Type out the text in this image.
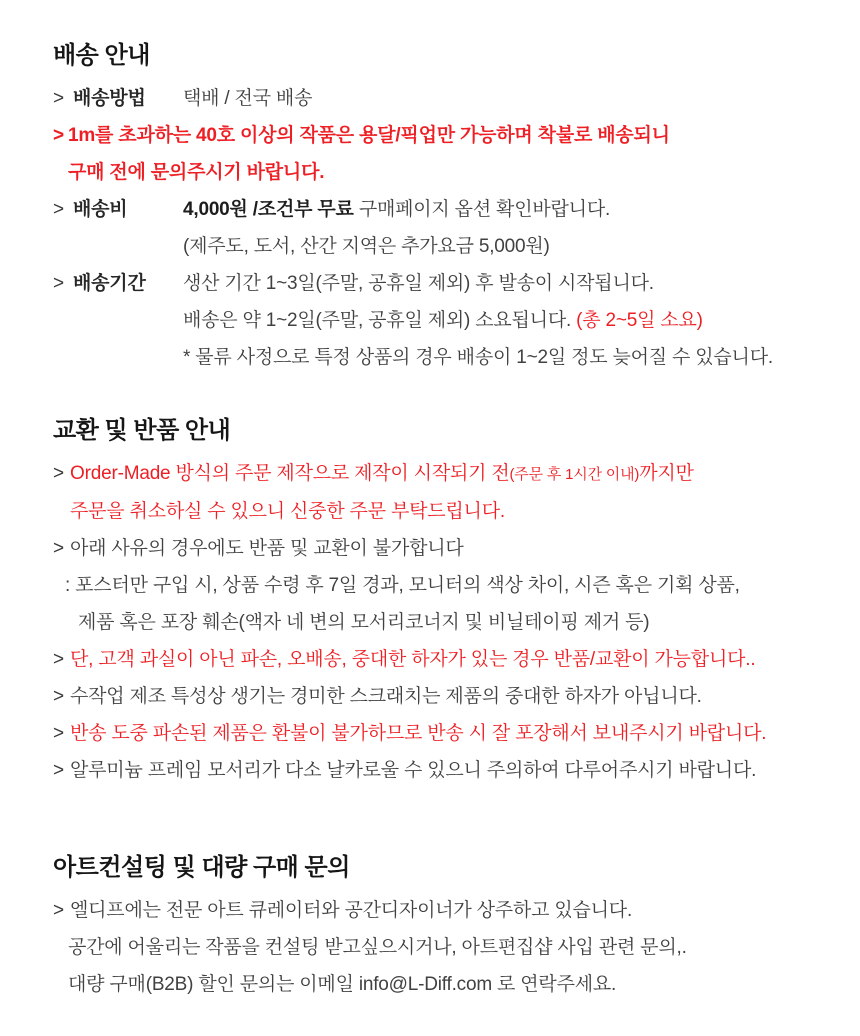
배송 안내
> 배송방법	택배 / 전국 배송
> 1m를 초과하는 40호 이상의 작품은 용달/픽업만 가능하며 착불로 배송되니
구매 전에 문의주시기 바랍니다.
> 배송비	4,000원 /조건부 무료 구매페이지 옵션 확인바랍니다.
(제주도, 도서, 산간 지역은 추가요금 5,000원)
> 배송기간	생산 기간 1~3일(주말, 공휴일 제외) 후 발송이 시작됩니다.
배송은 약 1~2일(주말, 공휴일 제외) 소요됩니다. (총 2~5일 소요)
* 물류 사정으로 특정 상품의 경우 배송이 1~2일 정도 늦어질 수 있습니다.
교환 및 반품 안내
> Order-Made 방식의 주문 제작으로 제작이 시작되기 전(주문 후 1시간 이내)까지만
주문을 취소하실 수 있으니 신중한 주문 부탁드립니다.
> 아래 사유의 경우에도 반품 및 교환이 불가합니다
: 포스터만 구입 시, 상품 수령 후 7일 경과, 모니터의 색상 차이, 시즌 혹은 기획 상품,
제품 혹은 포장 훼손(액자 네 변의 모서리코너지 및 비닐테이핑 제거 등)
> 단, 고객 과실이 아닌 파손, 오배송, 중대한 하자가 있는 경우 반품/교환이 가능합니다..
> 수작업 제조 특성상 생기는 경미한 스크래치는 제품의 중대한 하자가 아닙니다.
> 반송 도중 파손된 제품은 환불이 불가하므로 반송 시 잘 포장해서 보내주시기 바랍니다.
> 알루미늄 프레임 모서리가 다소 날카로울 수 있으니 주의하여 다루어주시기 바랍니다.
아트컨설팅 및 대량 구매 문의
> 엘디프에는 전문 아트 큐레이터와 공간디자이너가 상주하고 있습니다.
공간에 어울리는 작품을 컨설팅 받고싶으시거나, 아트편집샵 사입 관련 문의,.
대량 구매(B2B) 할인 문의는 이메일 info@L-Diff.com 로 연락주세요.
